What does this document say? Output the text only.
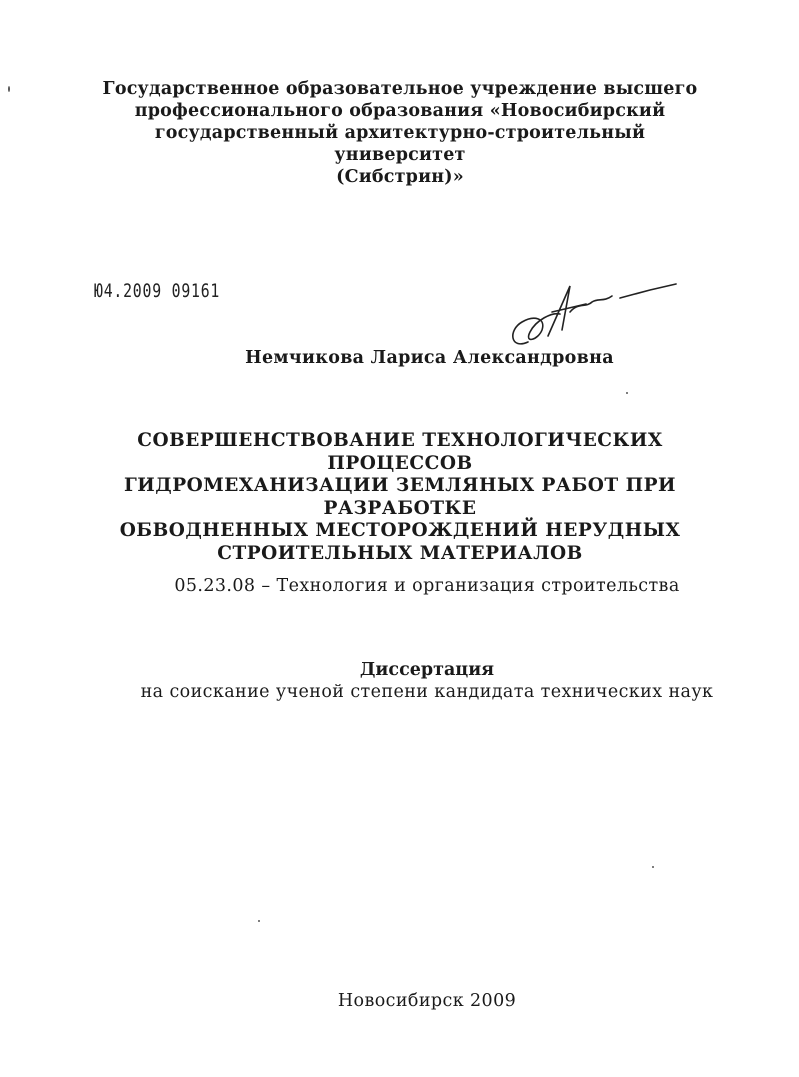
Государственное образовательное учреждение высшего
профессионального образования «Новосибирский
государственный архитектурно-строительный университет
(Сибстрин)»
Ю4.2009 09161
Немчикова Лариса Александровна
СОВЕРШЕНСТВОВАНИЕ ТЕХНОЛОГИЧЕСКИХ ПРОЦЕССОВ
ГИДРОМЕХАНИЗАЦИИ ЗЕМЛЯНЫХ РАБОТ ПРИ РАЗРАБОТКЕ
ОБВОДНЕННЫХ МЕСТОРОЖДЕНИЙ НЕРУДНЫХ
СТРОИТЕЛЬНЫХ МАТЕРИАЛОВ
05.23.08 – Технология и организация строительства
Диссертация
на соискание ученой степени кандидата технических наук
Новосибирск 2009
